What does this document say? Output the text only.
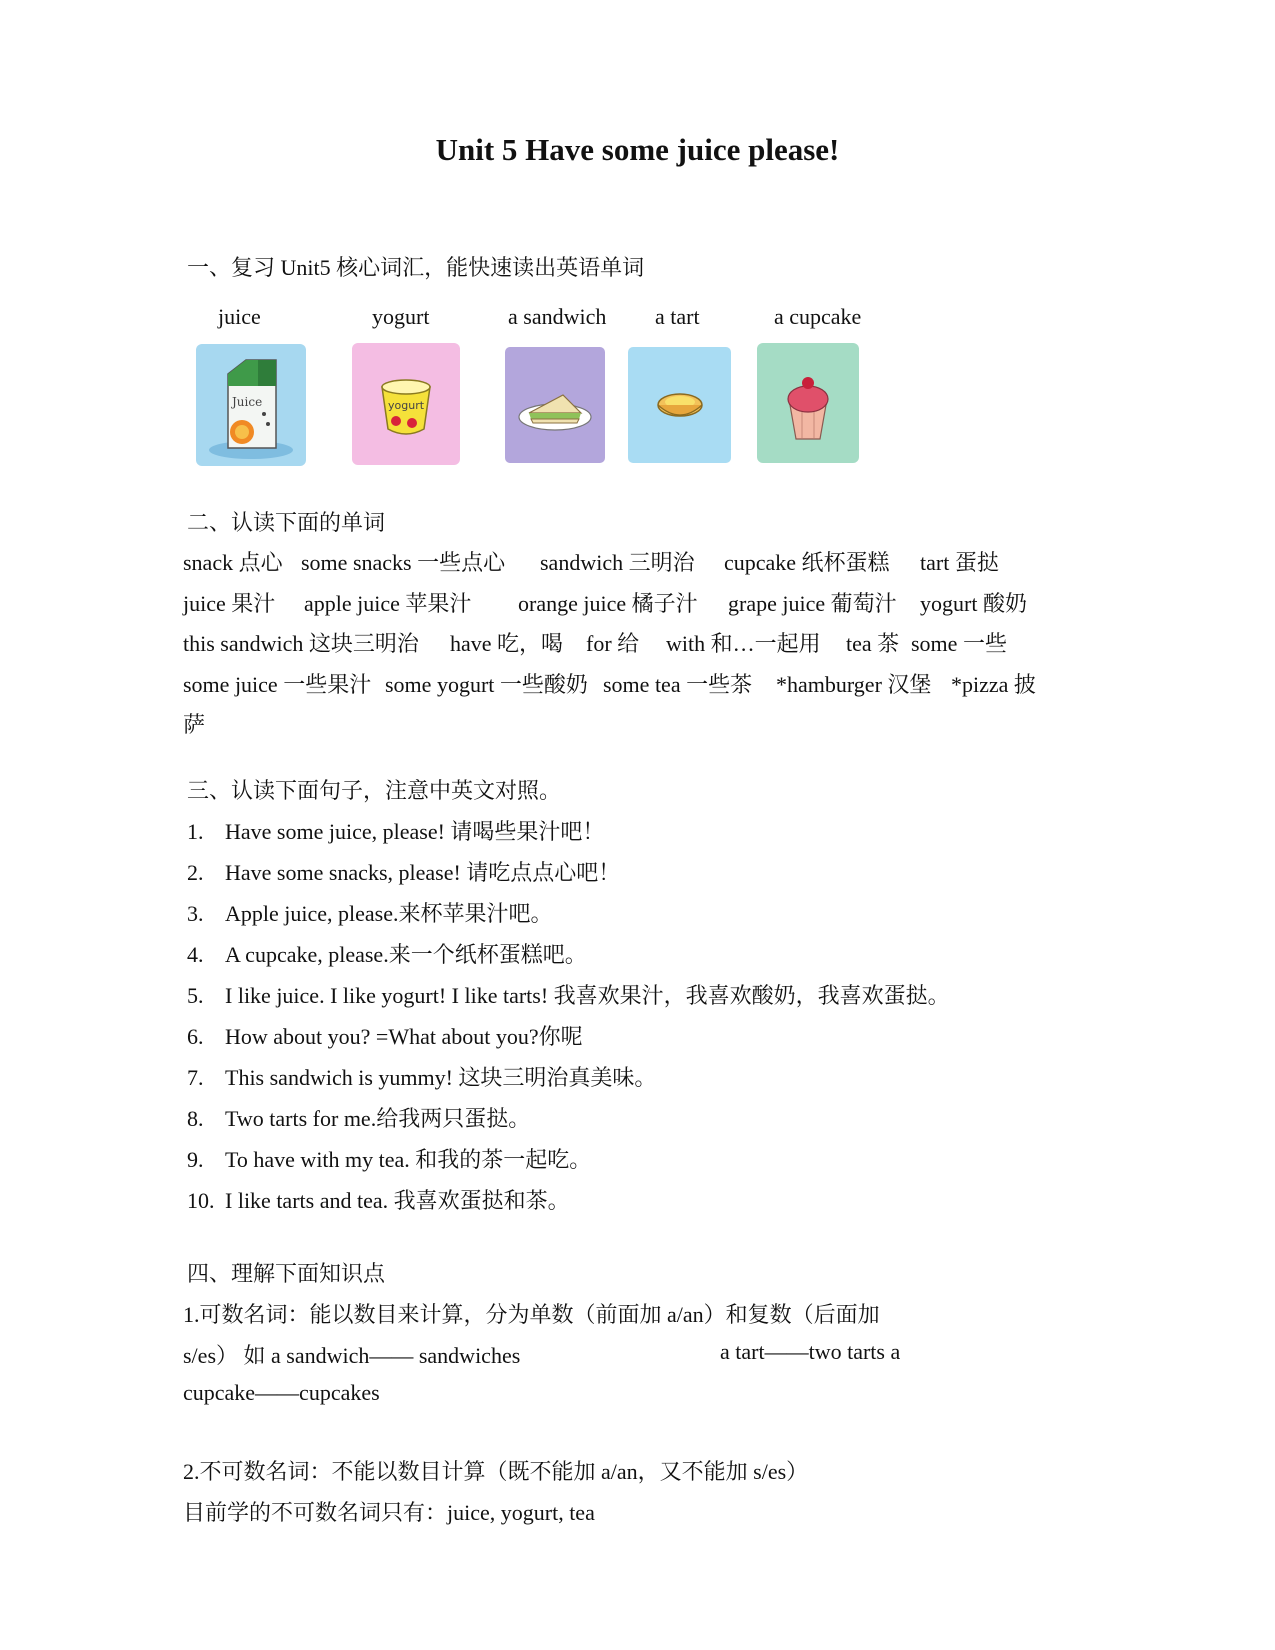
Unit 5 Have some juice please!
一、复习 Unit5 核心词汇，能快速读出英语单词
juice	yogurt	a sandwich a tart	a cupcake
Juice	yogurt
二、认读下面的单词
snack 点心 some snacks 一些点心 sandwich 三明治 cupcake 纸杯蛋糕 tart 蛋挞
juice 果汁 apple juice 苹果汁 orange juice 橘子汁 grape juice 葡萄汁 yogurt 酸奶
this sandwich 这块三明治 have 吃，喝 for 给 with 和…一起用 tea 茶 some 一些
some juice 一些果汁 some yogurt 一些酸奶 some tea 一些茶 *hamburger 汉堡 *pizza 披
萨
三、认读下面句子，注意中英文对照。
1. Have some juice, please! 请喝些果汁吧！
2. Have some snacks, please! 请吃点点心吧！
3. Apple juice, please.来杯苹果汁吧。
4. A cupcake, please.来一个纸杯蛋糕吧。
5. I like juice. I like yogurt! I like tarts! 我喜欢果汁，我喜欢酸奶，我喜欢蛋挞。
6. How about you? =What about you?你呢
7. This sandwich is yummy! 这块三明治真美味。
8. Two tarts for me.给我两只蛋挞。
9. To have with my tea. 和我的茶一起吃。
10. I like tarts and tea. 我喜欢蛋挞和茶。
四、理解下面知识点
1.可数名词：能以数目来计算，分为单数（前面加 a/an）和复数（后面加
s/es） 如 a sandwich—— sandwiches	a tart——two tarts a
cupcake——cupcakes
2.不可数名词：不能以数目计算（既不能加 a/an，又不能加 s/es）
目前学的不可数名词只有：juice, yogurt, tea
